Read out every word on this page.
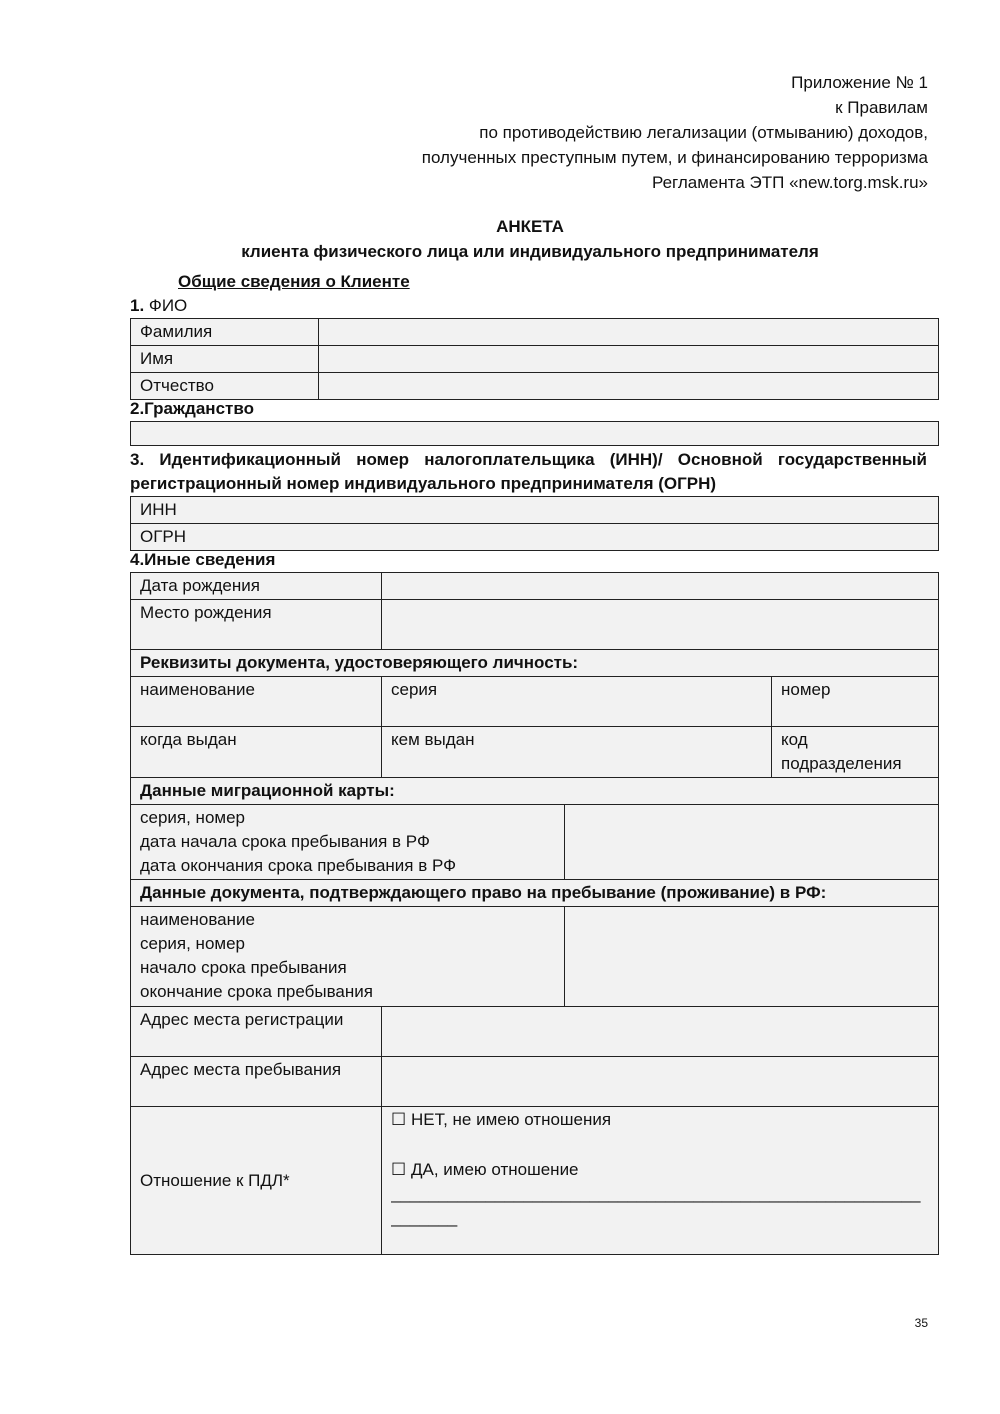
Приложение № 1
к Правилам
по противодействию легализации (отмыванию) доходов,
полученных преступным путем, и финансированию терроризма
Регламента ЭТП «new.torg.msk.ru»
АНКЕТА
клиента физического лица или индивидуального предпринимателя
Общие сведения о Клиенте
1. ФИО
Фамилия	
Имя	
Отчество	
2.Гражданство
3. Идентификационный номер налогоплательщика (ИНН)/ Основной государственный
регистрационный номер индивидуального предпринимателя (ОГРН)
ИНН
ОГРН
4.Иные сведения
Дата рождения			
Место рождения			
Реквизиты документа, удостоверяющего личность:			
наименование	серия		номер
когда выдан	кем выдан		код
подразделения

Данные миграционной карты:			

серия, номер
дата начала срока пребывания в РФ
дата окончания срока пребывания в РФ			

Данные документа, подтверждающего право на пребывание (проживание) в РФ:			

наименование
серия, номер
начало срока пребывания
окончание срока пребывания			

Адрес места регистрации			
Адрес места пребывания			
Отношение к ПДЛ*	☐ НЕТ, не имею отношения
☐ ДА, имею отношение
________________________________________________________
_______		
35
